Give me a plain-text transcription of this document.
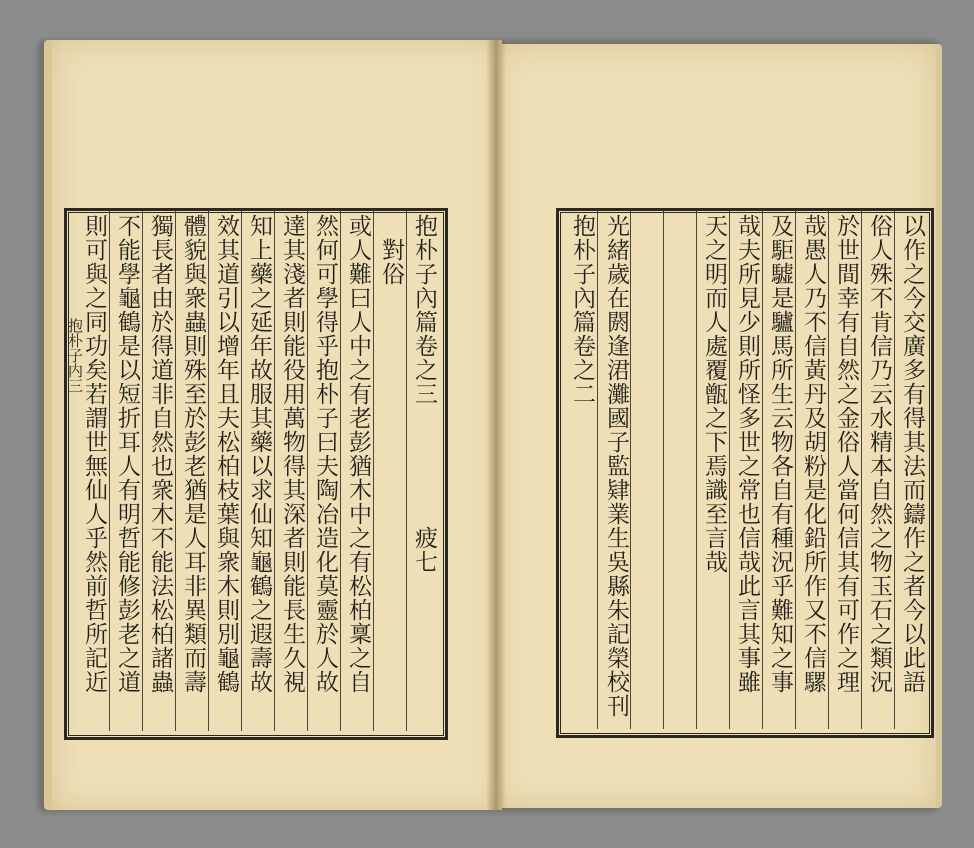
抱朴子内三	抱朴子內篇卷之三　　　　　疲七
　對俗
或人難曰人中之有老彭猶木中之有松柏稟之自
然何可學得乎抱朴子曰夫陶冶造化莫靈於人故
達其淺者則能役用萬物得其深者則能長生久視
知上藥之延年故服其藥以求仙知龜鶴之遐壽故
效其道引以增年且夫松柏枝葉與衆木則別龜鶴
體貌與衆蟲則殊至於彭老猶是人耳非異類而壽
獨長者由於得道非自然也衆木不能法松柏諸蟲
不能學龜鶴是以短折耳人有明哲能修彭老之道
則可與之同功矣若謂世無仙人乎然前哲所記近	以作之今交廣多有得其法而鑄作之者今以此語
俗人殊不肯信乃云水精本自然之物玉石之類況
於世間幸有自然之金俗人當何信其有可作之理
哉愚人乃不信黃丹及胡粉是化鉛所作又不信騾
及駏驉是驢馬所生云物各自有種況乎難知之事
哉夫所見少則所怪多世之常也信哉此言其事雖
天之明而人處覆甑之下焉識至言哉
光緒歲在閼逢涒灘國子監肄業生吳縣朱記榮校刊
抱朴子內篇卷之二
